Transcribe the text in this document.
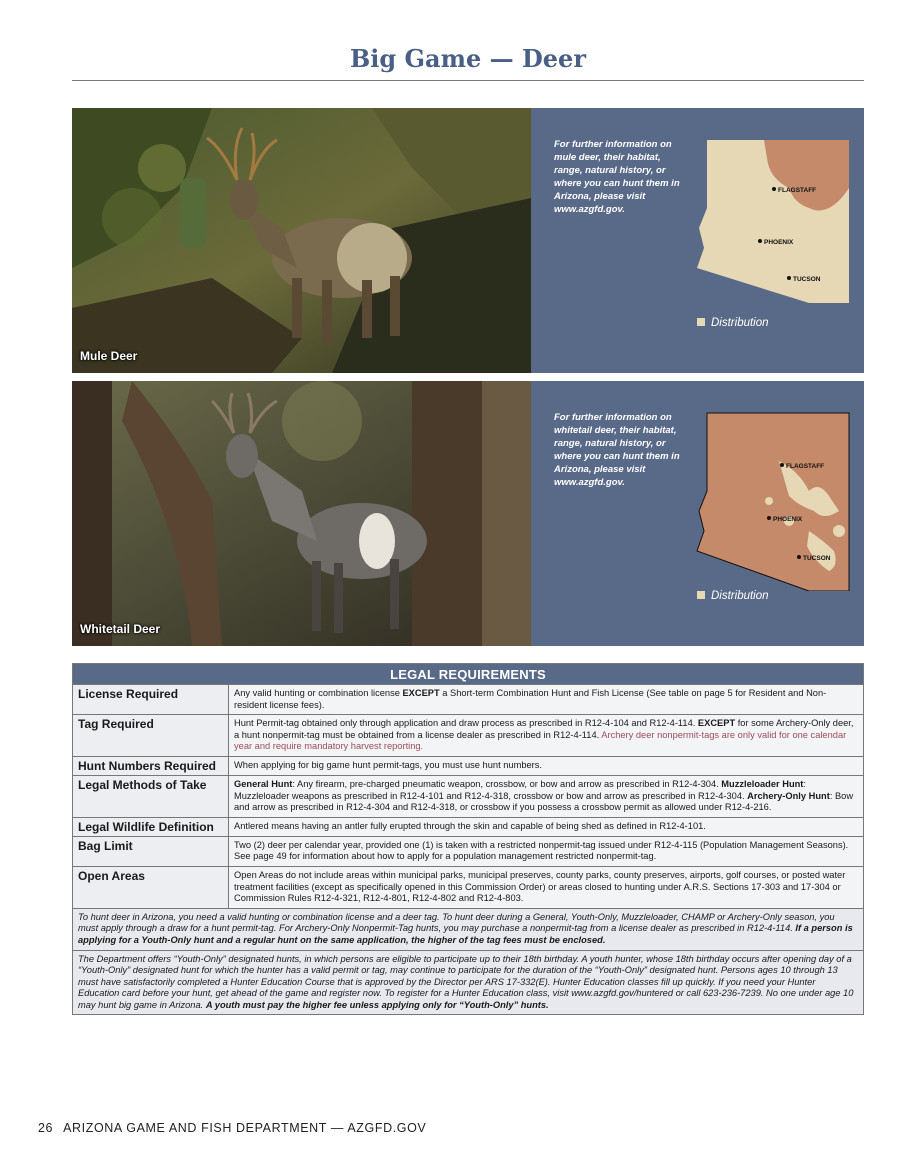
Big Game — Deer
Mule Deer
For further information on mule deer, their habitat, range, natural history, or where you can hunt them in Arizona, please visit www.azgfd.gov.
FLAGSTAFF
PHOENIX
TUCSON
Distribution
Whitetail Deer
For further information on whitetail deer, their habitat, range, natural history, or where you can hunt them in Arizona, please visit www.azgfd.gov.
FLAGSTAFF
PHOENIX
TUCSON
Distribution
LEGAL REQUIREMENTS	
License Required	Any valid hunting or combination license EXCEPT a Short-term Combination Hunt and Fish License (See table on page 5 for Resident and Non-resident license fees).
Tag Required	Hunt Permit-tag obtained only through application and draw process as prescribed in R12-4-104 and R12-4-114. EXCEPT for some Archery-Only deer, a hunt nonpermit-tag must be obtained from a license dealer as prescribed in R12-4-114. Archery deer nonpermit-tags are only valid for one calendar year and require mandatory harvest reporting.
Hunt Numbers Required	When applying for big game hunt permit-tags, you must use hunt numbers.
Legal Methods of Take	General Hunt: Any firearm, pre-charged pneumatic weapon, crossbow, or bow and arrow as prescribed in R12-4-304. Muzzleloader Hunt: Muzzleloader weapons as prescribed in R12-4-101 and R12-4-318, crossbow or bow and arrow as prescribed in R12-4-304. Archery-Only Hunt: Bow and arrow as prescribed in R12-4-304 and R12-4-318, or crossbow if you possess a crossbow permit as allowed under R12-4-216.
Legal Wildlife Definition	Antlered means having an antler fully erupted through the skin and capable of being shed as defined in R12-4-101.
Bag Limit	Two (2) deer per calendar year, provided one (1) is taken with a restricted nonpermit-tag issued under R12-4-115 (Population Management Seasons). See page 49 for information about how to apply for a population management restricted nonpermit-tag.
Open Areas	Open Areas do not include areas within municipal parks, municipal preserves, county parks, county preserves, airports, golf courses, or posted water treatment facilities (except as specifically opened in this Commission Order) or areas closed to hunting under A.R.S. Sections 17-303 and 17-304 or Commission Rules R12-4-321, R12-4-801, R12-4-802 and R12-4-803.
To hunt deer in Arizona, you need a valid hunting or combination license and a deer tag. To hunt deer during a General, Youth-Only, Muzzleloader, CHAMP or Archery-Only season, you must apply through a draw for a hunt permit-tag. For Archery-Only Nonpermit-Tag hunts, you may purchase a nonpermit-tag from a license dealer as prescribed in R12-4-114. If a person is applying for a Youth-Only hunt and a regular hunt on the same application, the higher of the tag fees must be enclosed.	
The Department offers “Youth-Only” designated hunts, in which persons are eligible to participate up to their 18th birthday. A youth hunter, whose 18th birthday occurs after opening day of a “Youth-Only” designated hunt for which the hunter has a valid permit or tag, may continue to participate for the duration of the “Youth-Only” designated hunt. Persons ages 10 through 13 must have satisfactorily completed a Hunter Education Course that is approved by the Director per ARS 17-332(E). Hunter Education classes fill up quickly. If you need your Hunter Education card before your hunt, get ahead of the game and register now. To register for a Hunter Education class, visit www.azgfd.gov/huntered or call 623-236-7239. No one under age 10 may hunt big game in Arizona. A youth must pay the higher fee unless applying only for “Youth-Only” hunts.	
26 ARIZONA GAME AND FISH DEPARTMENT — AZGFD.GOV
